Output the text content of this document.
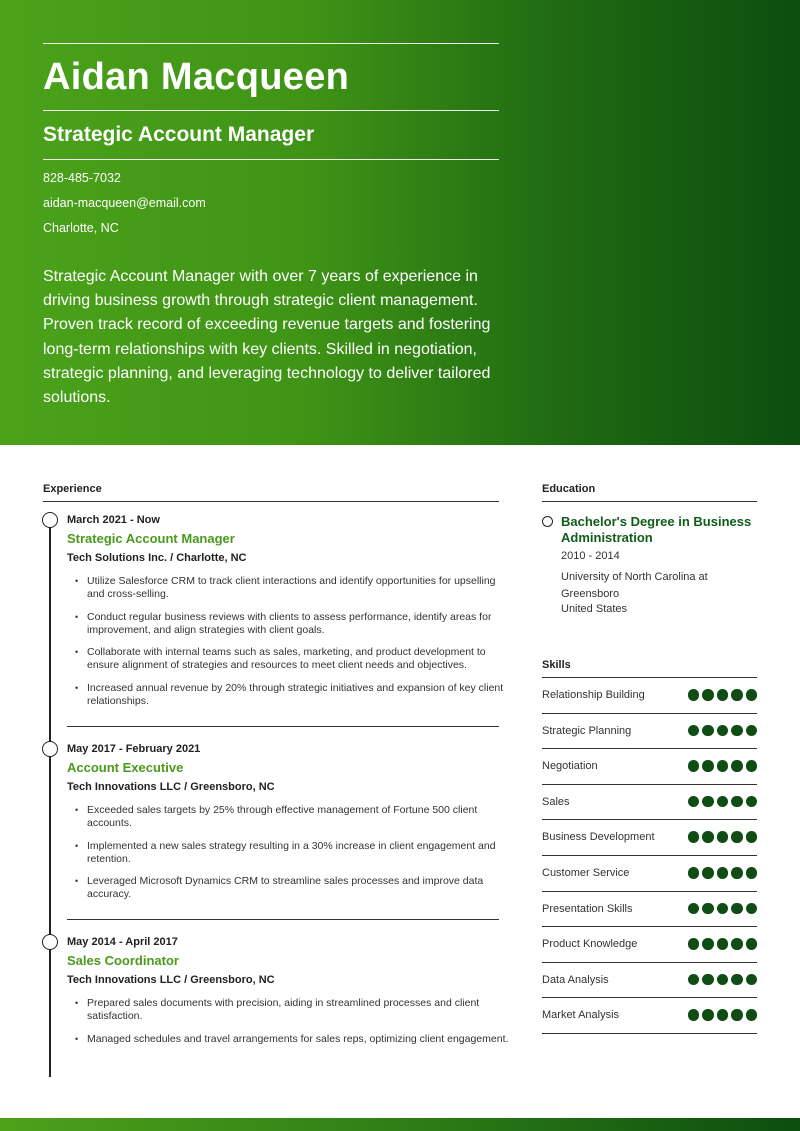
Aidan Macqueen
Strategic Account Manager
828-485-7032
aidan-macqueen@email.com
Charlotte, NC
Strategic Account Manager with over 7 years of experience in driving business growth through strategic client management. Proven track record of exceeding revenue targets and fostering long-term relationships with key clients. Skilled in negotiation, strategic planning, and leveraging technology to deliver tailored solutions.
Experience
March 2021 - Now
Strategic Account Manager
Tech Solutions Inc. / Charlotte, NC
• Utilize Salesforce CRM to track client interactions and identify opportunities for upselling and cross-selling.
• Conduct regular business reviews with clients to assess performance, identify areas for improvement, and align strategies with client goals.
• Collaborate with internal teams such as sales, marketing, and product development to ensure alignment of strategies and resources to meet client needs and objectives.
• Increased annual revenue by 20% through strategic initiatives and expansion of key client relationships.
May 2017 - February 2021
Account Executive
Tech Innovations LLC / Greensboro, NC
• Exceeded sales targets by 25% through effective management of Fortune 500 client accounts.
• Implemented a new sales strategy resulting in a 30% increase in client engagement and retention.
• Leveraged Microsoft Dynamics CRM to streamline sales processes and improve data accuracy.
May 2014 - April 2017
Sales Coordinator
Tech Innovations LLC / Greensboro, NC
• Prepared sales documents with precision, aiding in streamlined processes and client satisfaction.
• Managed schedules and travel arrangements for sales reps, optimizing client engagement.
Education
Bachelor's Degree in Business Administration
2010 - 2014
University of North Carolina at Greensboro
United States
Skills
Relationship Building
Strategic Planning
Negotiation
Sales
Business Development
Customer Service
Presentation Skills
Product Knowledge
Data Analysis
Market Analysis
